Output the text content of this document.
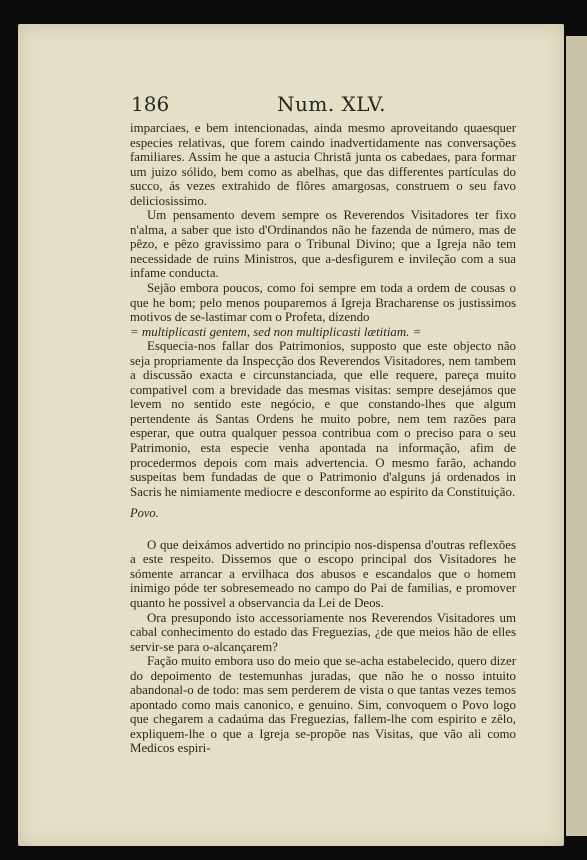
186	Num. XLV.

imparciaes, e bem intencionadas, ainda mesmo aproveitando quaesquer especies relativas, que forem caindo inadvertidamente nas conversações familiares. Assim he que a astucia Christã junta os cabedaes, para formar um juizo sólido, bem como as abelhas, que das differentes partículas do succo, ás vezes extrahido de flôres amargosas, construem o seu favo deliciosissimo.

Um pensamento devem sempre os Reverendos Visitadores ter fixo n'alma, a saber que isto d'Ordinandos não he fazenda de número, mas de pêzo, e pêzo gravissimo para o Tribunal Divino; que a Igreja não tem necessidade de ruins Ministros, que a-desfigurem e invileção com a sua infame conducta.

Sejão embora poucos, como foi sempre em toda a ordem de cousas o que he bom; pelo menos pouparemos á Igreja Bracharense os justissimos motivos de se-lastimar com o Profeta, dizendo

= multiplicasti gentem, sed non multiplicasti lætitiam. =

Esquecia-nos fallar dos Patrimonios, supposto que este objecto não seja propriamente da Inspecção dos Reverendos Visitadores, nem tambem a discussão exacta e circunstanciada, que elle requere, pareça muito compativel com a brevidade das mesmas visitas: sempre desejámos que levem no sentido este negócio, e que constando-lhes que algum pertendente ás Santas Ordens he muito pobre, nem tem razões para esperar, que outra qualquer pessoa contribua com o preciso para o seu Patrimonio, esta especie venha apontada na informação, afim de procedermos depois com mais advertencia. O mesmo farão, achando suspeitas bem fundadas de que o Patrimonio d'alguns já ordenados in Sacris he nimiamente mediocre e desconforme ao espirito da Constituição.

Povo.

O que deixámos advertido no principio nos-dispensa d'outras reflexões a este respeito. Dissemos que o escopo principal dos Visitadores he sómente arrancar a ervilhaca dos abusos e escandalos que o homem inimigo póde ter sobresemeado no campo do Pai de familias, e promover quanto he possivel a observancia da Lei de Deos.

Ora presupondo isto accessoriamente nos Reverendos Visitadores um cabal conhecimento do estado das Freguezias, ¿de que meios hão de elles servir-se para o-alcançarem?

Fação muito embora uso do meio que se-acha estabelecido, quero dizer do depoimento de testemunhas juradas, que não he o nosso intuito abandonal-o de todo: mas sem perderem de vista o que tantas vezes temos apontado como mais canonico, e genuino. Sim, convoquem o Povo logo que chegarem a cadaúma das Freguezias, fallem-lhe com espirito e zêlo, expliquem-lhe o que a Igreja se-propõe nas Visitas, que vão ali como Medicos espiri-
